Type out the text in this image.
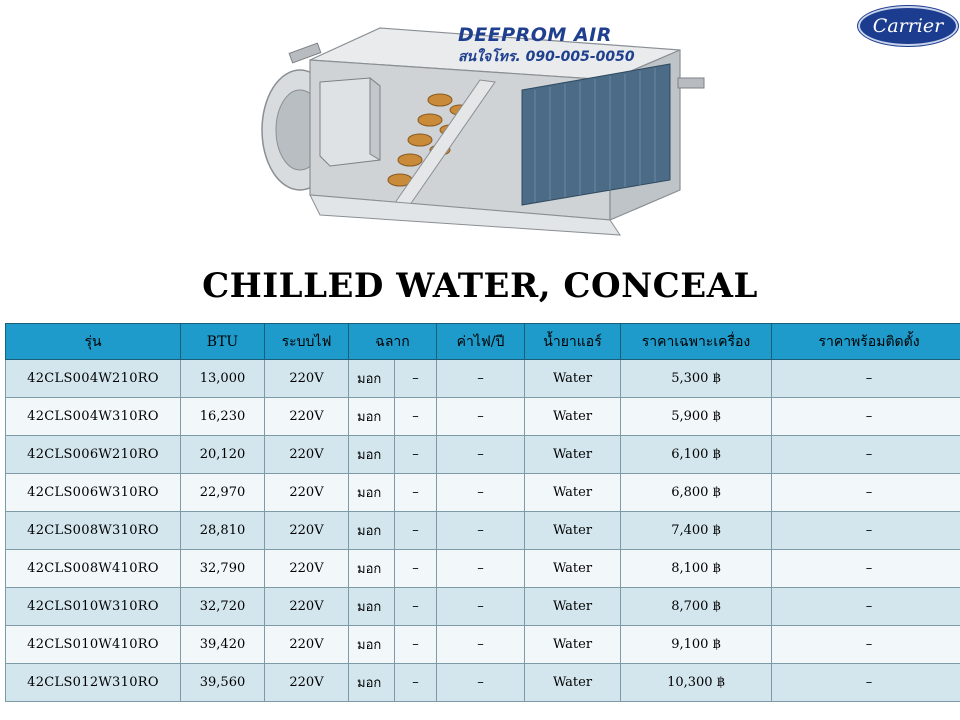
DEEPROM AIR
สนใจโทร. 090-005-0050
Carrier
CHILLED WATER, CONCEAL
รุ่น	BTU	ระบบไฟ	ฉลาก		ค่าไฟ/ปี	น้ำยาแอร์	ราคาเฉพาะเครื่อง	ราคาพร้อมติดตั้ง
42CLS004W210RO	13,000	220V	มอก	–	–	Water	5,300 ฿	–
42CLS004W310RO	16,230	220V	มอก	–	–	Water	5,900 ฿	–
42CLS006W210RO	20,120	220V	มอก	–	–	Water	6,100 ฿	–
42CLS006W310RO	22,970	220V	มอก	–	–	Water	6,800 ฿	–
42CLS008W310RO	28,810	220V	มอก	–	–	Water	7,400 ฿	–
42CLS008W410RO	32,790	220V	มอก	–	–	Water	8,100 ฿	–
42CLS010W310RO	32,720	220V	มอก	–	–	Water	8,700 ฿	–
42CLS010W410RO	39,420	220V	มอก	–	–	Water	9,100 ฿	–
42CLS012W310RO	39,560	220V	มอก	–	–	Water	10,300 ฿	–
